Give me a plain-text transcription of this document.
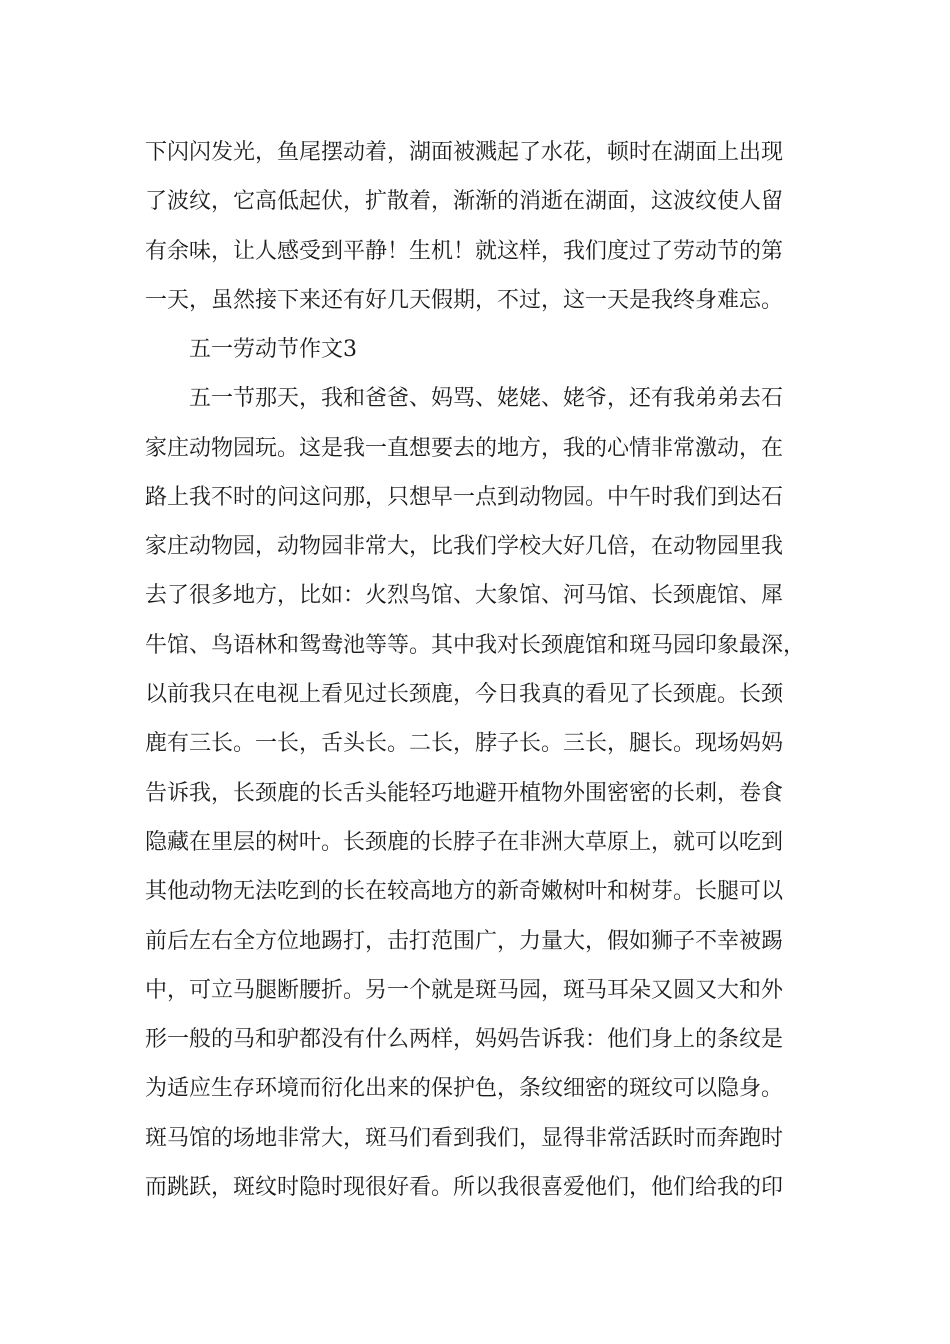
下闪闪发光，鱼尾摆动着，湖面被溅起了水花，顿时在湖面上出现
了波纹，它高低起伏，扩散着，渐渐的消逝在湖面，这波纹使人留
有余味，让人感受到平静！生机！就这样，我们度过了劳动节的第
一天，虽然接下来还有好几天假期，不过，这一天是我终身难忘。
五一劳动节作文3
五一节那天，我和爸爸、妈骂、姥姥、姥爷，还有我弟弟去石
家庄动物园玩。这是我一直想要去的地方，我的心情非常激动，在
路上我不时的问这问那，只想早一点到动物园。中午时我们到达石
家庄动物园，动物园非常大，比我们学校大好几倍，在动物园里我
去了很多地方，比如：火烈鸟馆、大象馆、河马馆、长颈鹿馆、犀
牛馆、鸟语林和鸳鸯池等等。其中我对长颈鹿馆和斑马园印象最深，
以前我只在电视上看见过长颈鹿，今日我真的看见了长颈鹿。长颈
鹿有三长。一长，舌头长。二长，脖子长。三长，腿长。现场妈妈
告诉我，长颈鹿的长舌头能轻巧地避开植物外围密密的长刺，卷食
隐藏在里层的树叶。长颈鹿的长脖子在非洲大草原上，就可以吃到
其他动物无法吃到的长在较高地方的新奇嫩树叶和树芽。长腿可以
前后左右全方位地踢打，击打范围广，力量大，假如狮子不幸被踢
中，可立马腿断腰折。另一个就是斑马园，斑马耳朵又圆又大和外
形一般的马和驴都没有什么两样，妈妈告诉我：他们身上的条纹是
为适应生存环境而衍化出来的保护色，条纹细密的斑纹可以隐身。
斑马馆的场地非常大，斑马们看到我们，显得非常活跃时而奔跑时
而跳跃，斑纹时隐时现很好看。所以我很喜爱他们，他们给我的印
